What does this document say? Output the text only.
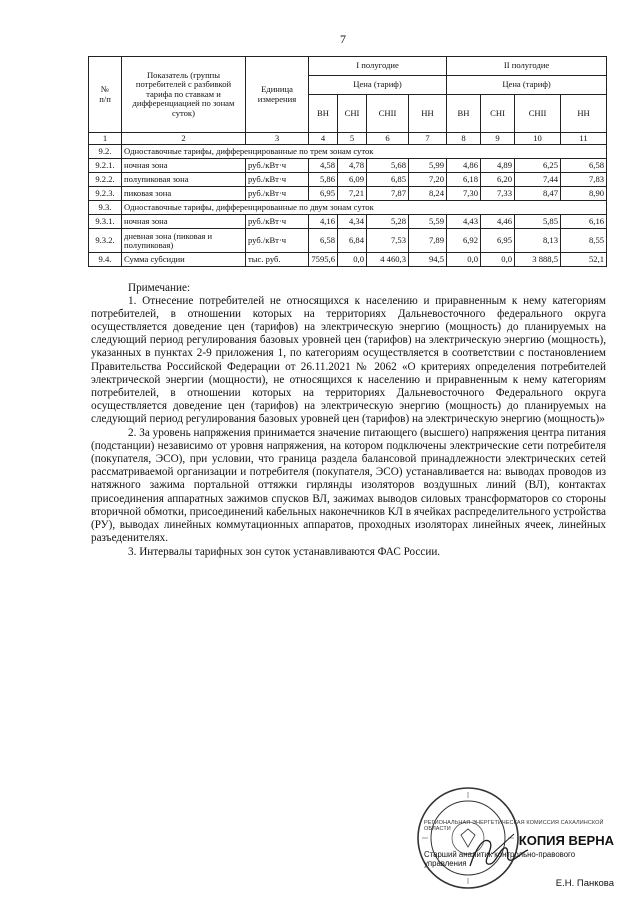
7
№
п/п	Показатель (группы потребителей с разбивкой тарифа по ставкам и дифференциацией по зонам суток)	Единица измерения	I полугодие				II полугодие			
			Цена (тариф)				Цена (тариф)			
			ВН	СНI	СНII	НН	ВН	СНI	СНII	НН
1	2	3	4	5	6	7	8	9	10	11
9.2.	Одноставочные тарифы, дифференцированные по трем зонам суток									
9.2.1.	ночная зона	руб./кВт·ч	4,58	4,78	5,68	5,99	4,86	4,89	6,25	6,58
9.2.2.	полупиковая зона	руб./кВт·ч	5,86	6,09	6,85	7,20	6,18	6,20	7,44	7,83
9.2.3.	пиковая зона	руб./кВт·ч	6,95	7,21	7,87	8,24	7,30	7,33	8,47	8,90
9.3.	Одноставочные тарифы, дифференцированные по двум зонам суток									
9.3.1.	ночная зона	руб./кВт·ч	4,16	4,34	5,28	5,59	4,43	4,46	5,85	6,16
9.3.2.	дневная зона (пиковая и полупиковая)	руб./кВт·ч	6,58	6,84	7,53	7,89	6,92	6,95	8,13	8,55
9.4.	Сумма субсидии	тыс. руб.	7595,6	0,0	4 460,3	94,5	0,0	0,0	3 888,5	52,1

Примечание:

1. Отнесение потребителей не относящихся к населению и приравненным к нему категориям потребителей, в отношении которых на территориях Дальневосточного федерального округа осуществляется доведение цен (тарифов) на электрическую энергию (мощность) до планируемых на следующий период регулирования базовых уровней цен (тарифов) на электрическую энергию (мощность), указанных в пунктах 2-9 приложения 1, по категориям осуществляется в соответствии с постановлением Правительства Российской Федерации от 26.11.2021 № 2062 «О критериях определения потребителей электрической энергии (мощности), не относящихся к населению и приравненным к нему категориям потребителей, в отношении которых на территориях Дальневосточного Федерального округа осуществляется доведение цен (тарифов) на электрическую энергию (мощность) до планируемых на следующий период регулирования базовых уровней цен (тарифов) на электрическую энергию (мощность)»

2. За уровень напряжения принимается значение питающего (высшего) напряжения центра питания (подстанции) независимо от уровня напряжения, на котором подключены электрические сети потребителя (покупателя, ЭСО), при условии, что граница раздела балансовой принадлежности электрических сетей рассматриваемой организации и потребителя (покупателя, ЭСО) устанавливается на: выводах проводов из натяжного зажима портальной оттяжки гирлянды изоляторов воздушных линий (ВЛ), контактах присоединения аппаратных зажимов спусков ВЛ, зажимах выводов силовых трансформаторов со стороны вторичной обмотки, присоединений кабельных наконечников КЛ в ячейках распределительного устройства (РУ), выводах линейных коммутационных аппаратов, проходных изоляторах линейных ячеек, линейных разъеденителях.

3. Интервалы тарифных зон суток устанавливаются ФАС России.

РЕГИОНАЛЬНАЯ ЭНЕРГЕТИЧЕСКАЯ КОМИССИЯ САХАЛИНСКОЙ ОБЛАСТИ
КОПИЯ ВЕРНА
Старший аналитик контрольно-правового управления
Е.Н. Панкова
